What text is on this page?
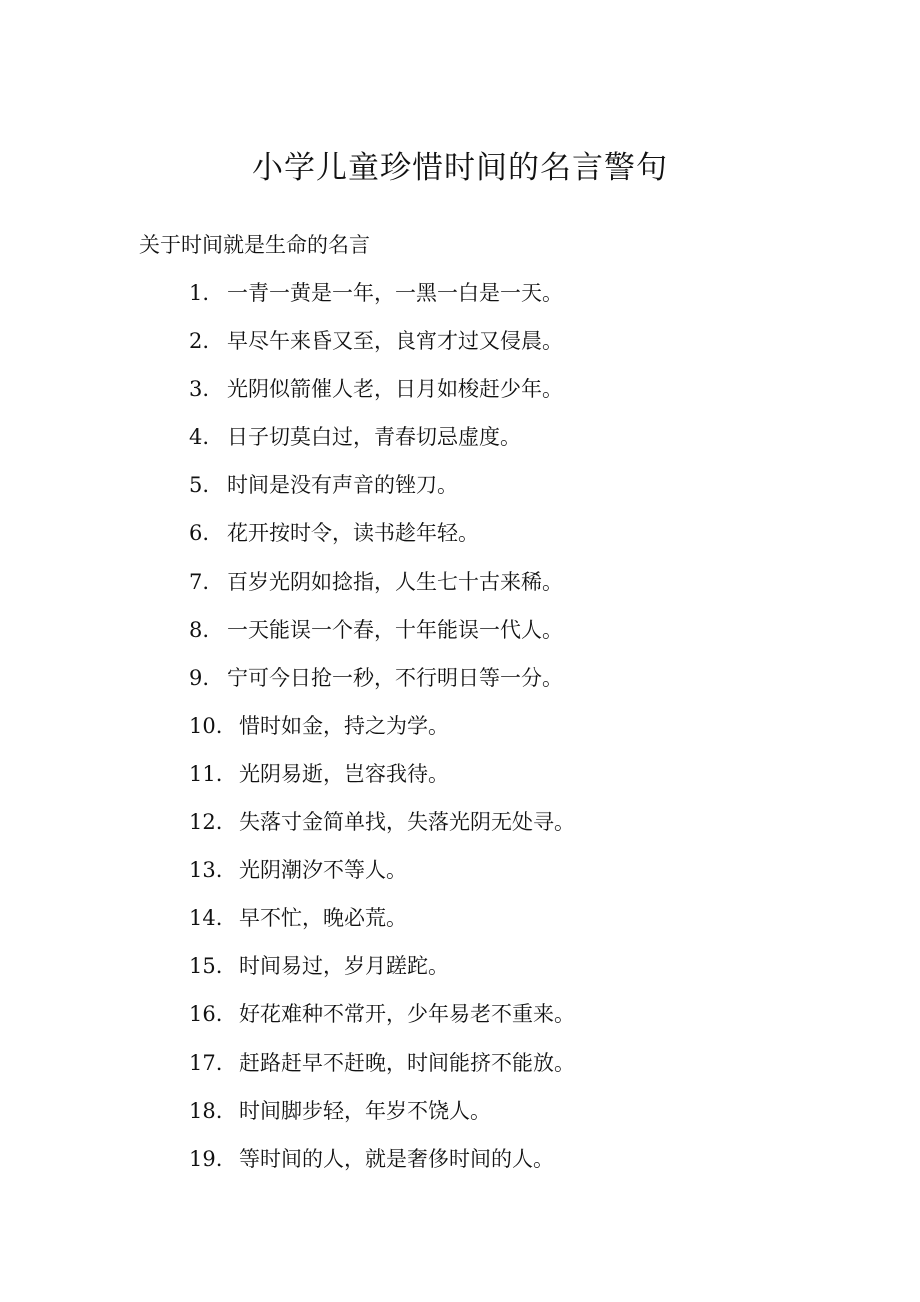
小学儿童珍惜时间的名言警句
关于时间就是生命的名言
1. 一青一黄是一年，一黑一白是一天。
2. 早尽午来昏又至，良宵才过又侵晨。
3. 光阴似箭催人老，日月如梭赶少年。
4. 日子切莫白过，青春切忌虚度。
5. 时间是没有声音的锉刀。
6. 花开按时令，读书趁年轻。
7. 百岁光阴如捻指，人生七十古来稀。
8. 一天能误一个春，十年能误一代人。
9. 宁可今日抢一秒，不行明日等一分。
10. 惜时如金，持之为学。
11. 光阴易逝，岂容我待。
12. 失落寸金简单找，失落光阴无处寻。
13. 光阴潮汐不等人。
14. 早不忙，晚必荒。
15. 时间易过，岁月蹉跎。
16. 好花难种不常开，少年易老不重来。
17. 赶路赶早不赶晚，时间能挤不能放。
18. 时间脚步轻，年岁不饶人。
19. 等时间的人，就是奢侈时间的人。
